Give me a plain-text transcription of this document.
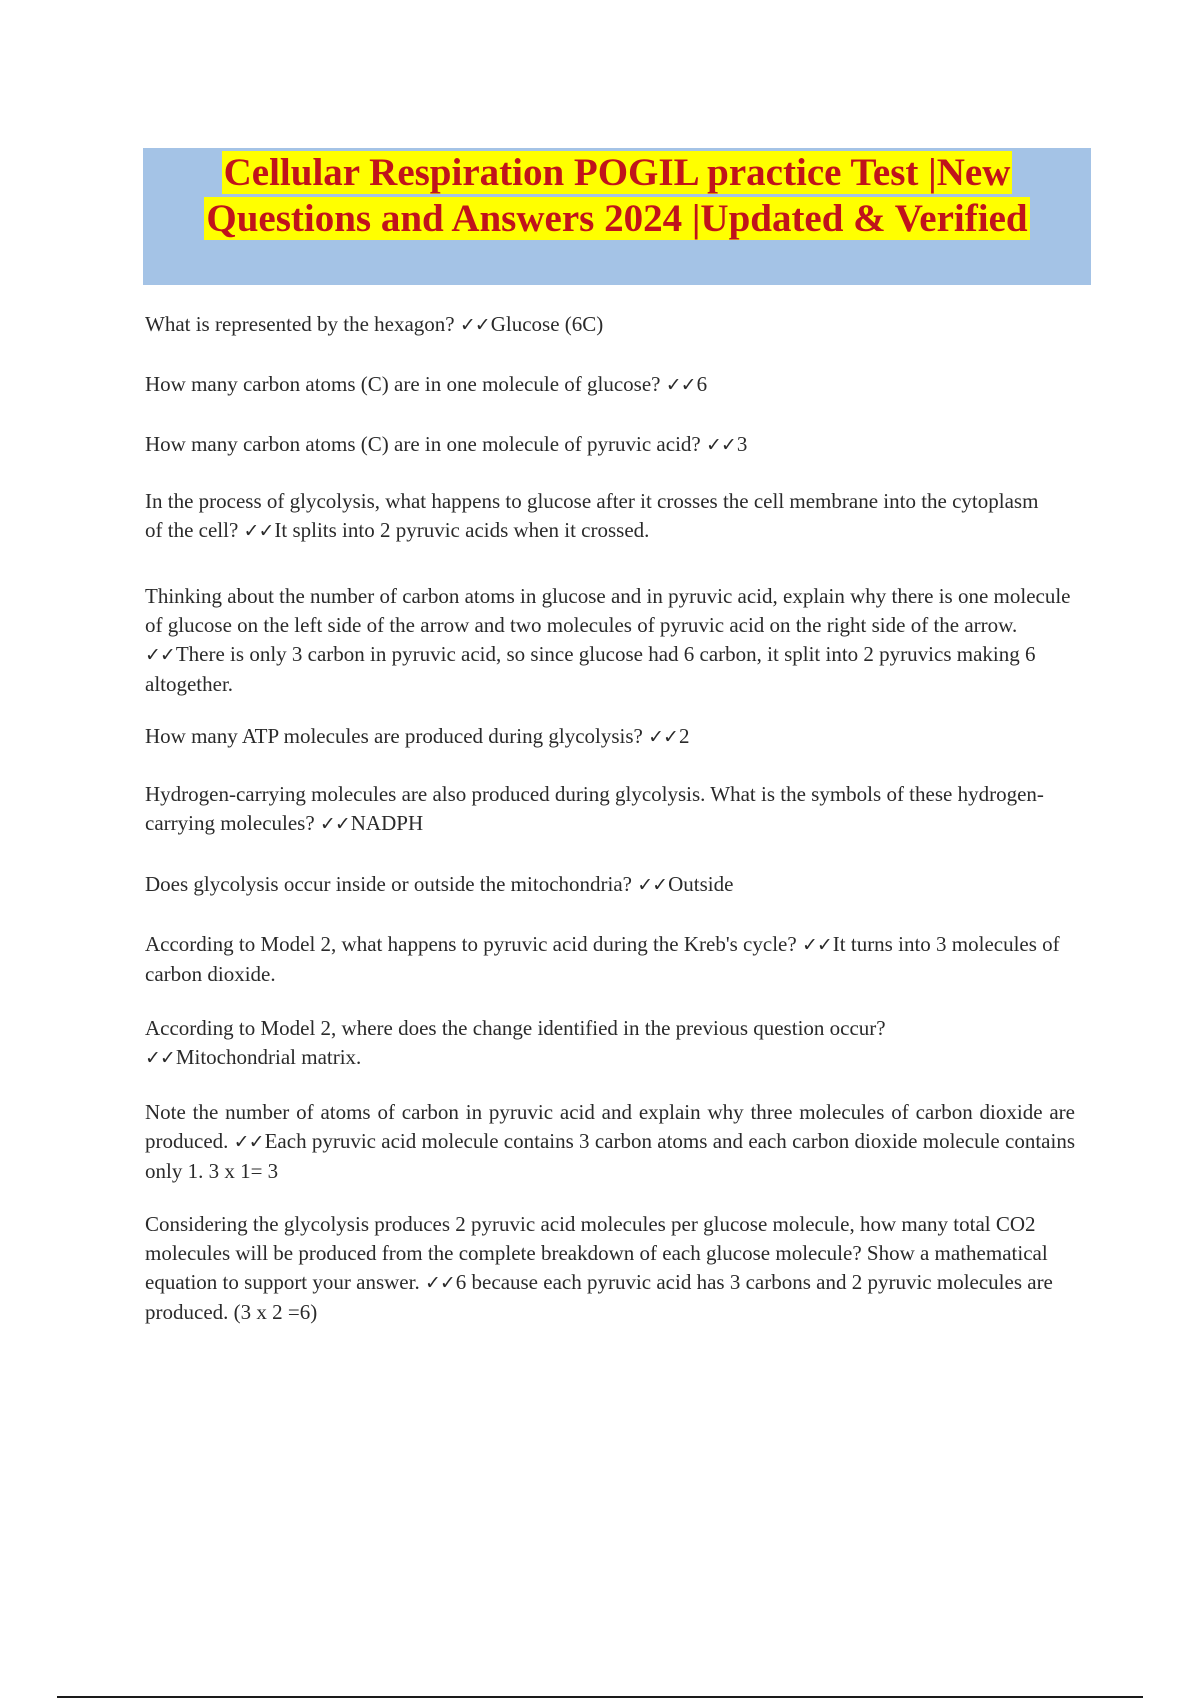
Cellular Respiration POGIL practice Test |New
Questions and Answers 2024 |Updated & Verified

What is represented by the hexagon? ✓✓Glucose (6C)

How many carbon atoms (C) are in one molecule of glucose? ✓✓6

How many carbon atoms (C) are in one molecule of pyruvic acid? ✓✓3

In the process of glycolysis, what happens to glucose after it crosses the cell membrane into the cytoplasm of the cell? ✓✓It splits into 2 pyruvic acids when it crossed.

Thinking about the number of carbon atoms in glucose and in pyruvic acid, explain why there is one molecule of glucose on the left side of the arrow and two molecules of pyruvic acid on the right side of the arrow. ✓✓There is only 3 carbon in pyruvic acid, so since glucose had 6 carbon, it split into 2 pyruvics making 6 altogether.

How many ATP molecules are produced during glycolysis? ✓✓2

Hydrogen-carrying molecules are also produced during glycolysis. What is the symbols of these hydrogen-carrying molecules? ✓✓NADPH

Does glycolysis occur inside or outside the mitochondria? ✓✓Outside

According to Model 2, what happens to pyruvic acid during the Kreb's cycle? ✓✓It turns into 3 molecules of carbon dioxide.

According to Model 2, where does the change identified in the previous question occur? ✓✓Mitochondrial matrix.

Note the number of atoms of carbon in pyruvic acid and explain why three molecules of carbon dioxide are produced. ✓✓Each pyruvic acid molecule contains 3 carbon atoms and each carbon dioxide molecule contains only 1. 3 x 1= 3

Considering the glycolysis produces 2 pyruvic acid molecules per glucose molecule, how many total CO2 molecules will be produced from the complete breakdown of each glucose molecule? Show a mathematical equation to support your answer. ✓✓6 because each pyruvic acid has 3 carbons and 2 pyruvic molecules are produced. (3 x 2 =6)
